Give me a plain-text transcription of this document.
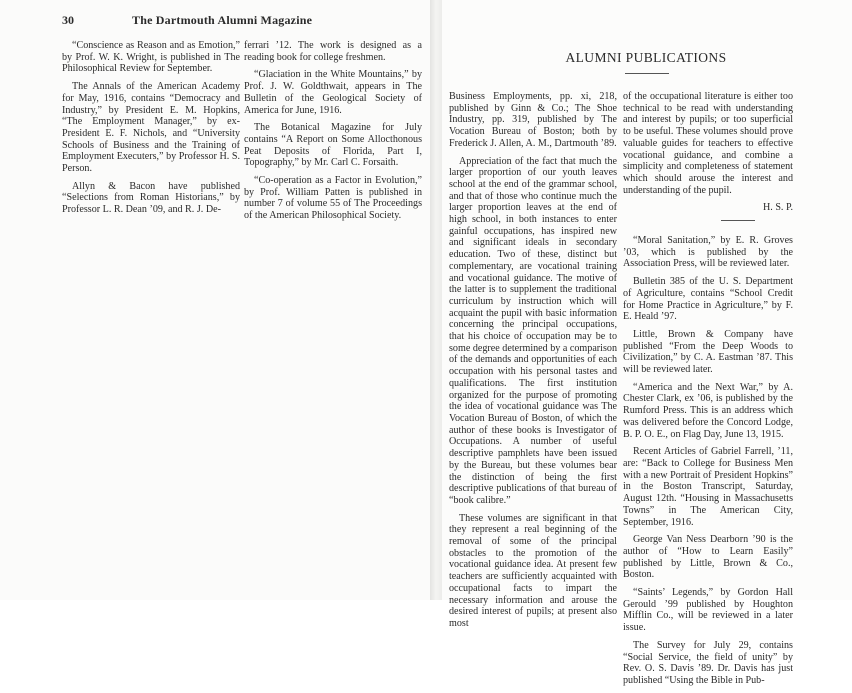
30	The Dartmouth Alumni Magazine

“Conscience as Reason and as Emotion,” by Prof. W. K. Wright, is published in The Philosophical Review for September.

The Annals of the American Academy for May, 1916, contains “Democracy and Industry,” by President E. M. Hopkins, “The Employment Manager,” by ex-President E. F. Nichols, and “University Schools of Business and the Training of Employment Executers,” by Professor H. S. Person.

Allyn & Bacon have published “Selections from Roman Historians,” by Professor L. R. Dean ’09, and R. J. De-

ferrari ’12. The work is designed as a reading book for college freshmen.

“Glaciation in the White Mountains,” by Prof. J. W. Goldthwait, appears in The Bulletin of the Geological Society of America for June, 1916.

The Botanical Magazine for July contains “A Report on Some Allocthonous Peat Deposits of Florida, Part I, Topography,” by Mr. Carl C. Forsaith.

“Co-operation as a Factor in Evolution,” by Prof. William Patten is published in number 7 of volume 55 of The Proceedings of the American Philosophical Society.

ALUMNI PUBLICATIONS

Business Employments, pp. xi, 218, published by Ginn & Co.; The Shoe Industry, pp. 319, published by The Vocation Bureau of Boston; both by Frederick J. Allen, A. M., Dartmouth ’89.

Appreciation of the fact that much the larger proportion of our youth leaves school at the end of the grammar school, and that of those who continue much the larger proportion leaves at the end of high school, in both instances to enter gainful occupations, has inspired new and significant ideals in secondary education. Two of these, distinct but complementary, are vocational training and vocational guidance. The motive of the latter is to supplement the traditional curriculum by instruction which will acquaint the pupil with basic information concerning the principal occupations, that his choice of occupation may be to some degree determined by a comparison of the demands and opportunities of each occupation with his personal tastes and qualifications. The first institution organized for the purpose of promoting the idea of vocational guidance was The Vocation Bureau of Boston, of which the author of these books is Investigator of Occupations. A number of useful descriptive pamphlets have been issued by the Bureau, but these volumes bear the distinction of being the first descriptive publications of that bureau of “book calibre.”

These volumes are significant in that they represent a real beginning of the removal of some of the principal obstacles to the promotion of the vocational guidance idea. At present few teachers are sufficiently acquainted with occupational facts to impart the necessary information and arouse the desired interest of pupils; at present also most

of the occupational literature is either too technical to be read with understanding and interest by pupils; or too superficial to be useful. These volumes should prove valuable guides for teachers to effective vocational guidance, and combine a simplicity and completeness of statement which should arouse the interest and understanding of the pupil.

H. S. P.

“Moral Sanitation,” by E. R. Groves ’03, which is published by the Association Press, will be reviewed later.

Bulletin 385 of the U. S. Department of Agriculture, contains “School Credit for Home Practice in Agriculture,” by F. E. Heald ’97.

Little, Brown & Company have published “From the Deep Woods to Civilization,” by C. A. Eastman ’87. This will be reviewed later.

“America and the Next War,” by A. Chester Clark, ex ’06, is published by the Rumford Press. This is an address which was delivered before the Concord Lodge, B. P. O. E., on Flag Day, June 13, 1915.

Recent Articles of Gabriel Farrell, ’11, are: “Back to College for Business Men with a new Portrait of President Hopkins” in the Boston Transcript, Saturday, August 12th. “Housing in Massachusetts Towns” in The American City, September, 1916.

George Van Ness Dearborn ’90 is the author of “How to Learn Easily” published by Little, Brown & Co., Boston.

“Saints’ Legends,” by Gordon Hall Gerould ’99 published by Houghton Mifflin Co., will be reviewed in a later issue.

The Survey for July 29, contains “Social Service, the field of unity” by Rev. O. S. Davis ’89. Dr. Davis has just published “Using the Bible in Pub-
